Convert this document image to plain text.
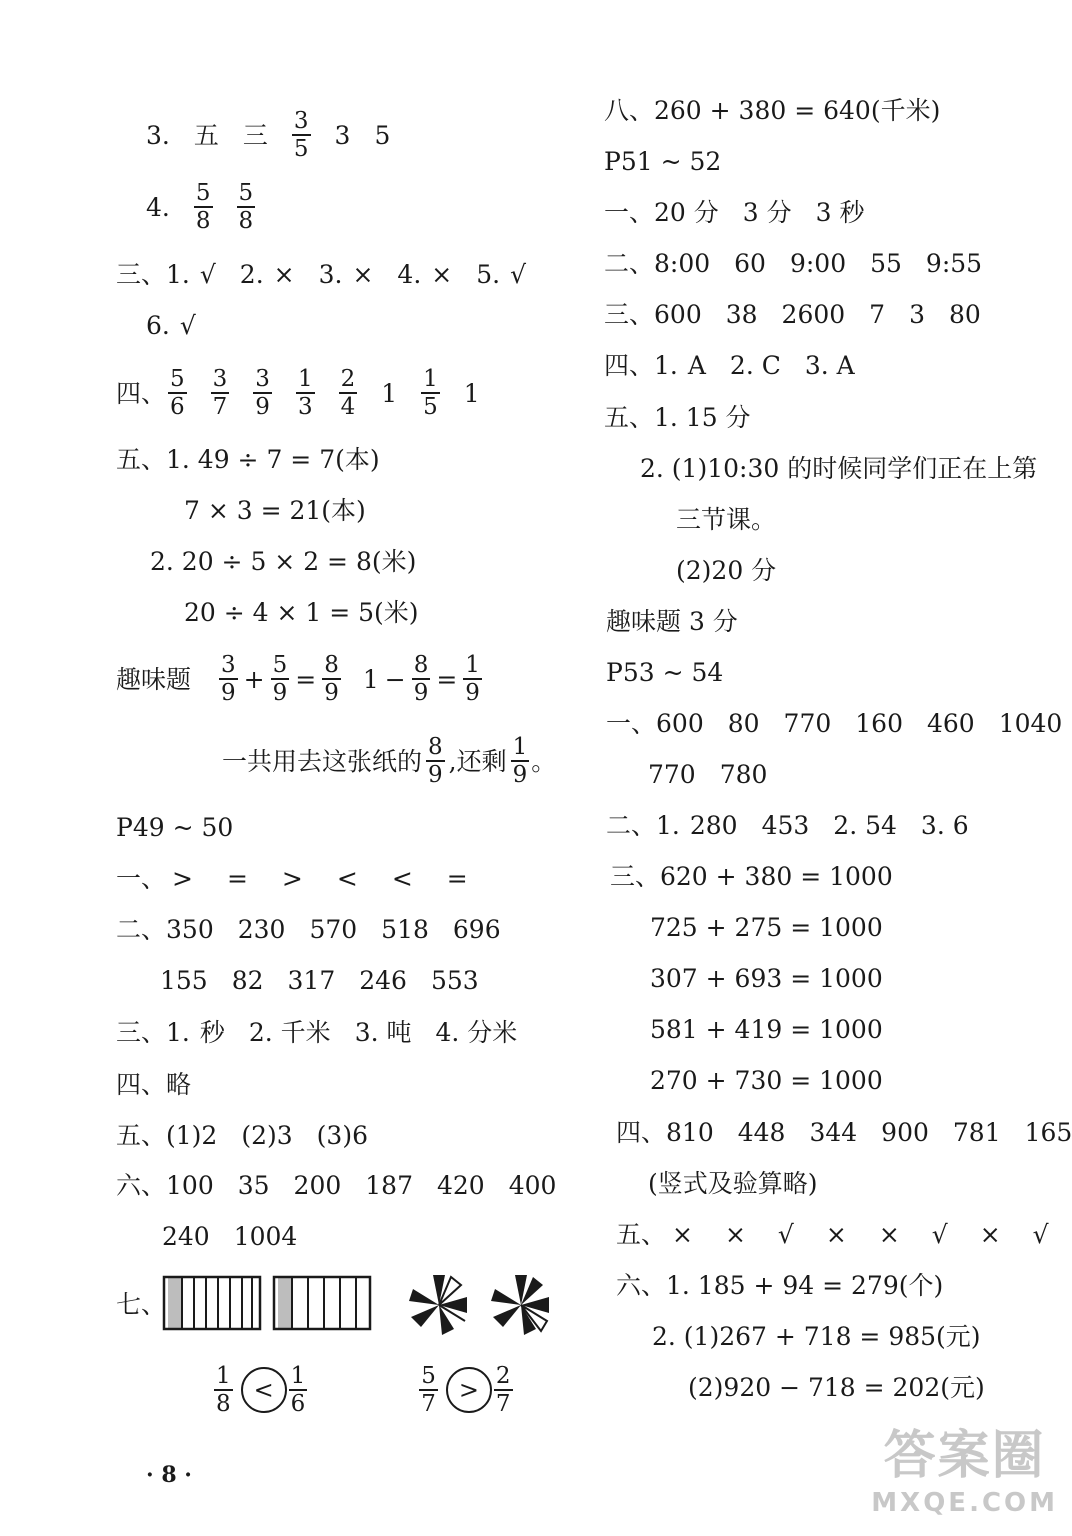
3. 五 三 $\frac{3}{5} 3$ 5
4. $\frac{5}{8} \frac{5}{8}$
三、1. √ 2. × 3. × 4. × 5. √
6. √
四、 $\frac{5}{6} \frac{3}{7} \frac{3}{9} \frac{1}{3} \frac{2}{4} 1 \frac{1}{5} 1$
五、1. 49 ÷ 7 = 7(本)
7 × 3 = 21(本)
2. 20 ÷ 5 × 2 = 8(米)
20 ÷ 4 × 1 = 5(米)
趣味题 $\frac{3}{9} + \frac{5}{9} = \frac{8}{9} 1 - \frac{8}{9} = \frac{1}{9}$
一共用去这张纸的 $\frac{8}{9}$ ,还剩 $\frac{1}{9}$ 。
P49 ~ 50
一、 > = > < < =
二、 350 230 570 518 696
155 82 317 246 553
三、1. 秒 2. 千米 3. 吨 4. 分米
四、略
五、 (1)2 (2)3 (3)6
六、 100 35 200 187 420 400
240 1004
七、
$\frac{1}{8} < \frac{1}{6}$	$\frac{5}{7} > \frac{2}{7}$
八、260 + 380 = 640(千米)
P51 ~ 52
一、 20 分 3 分 3 秒
二、 8:00 60 9:00 55 9:55
三、 600 38 2600 7 3 80
四、1. A 2. C 3. A
五、1. 15 分
2. (1)10:30 的时候同学们正在上第
三节课。
(2)20 分
趣味题 3 分
P53 ~ 54
一、 600 80 770 160 460 1040
770 780
二、1. 280 453 2. 54 3. 6
三、620 + 380 = 1000
725 + 275 = 1000
307 + 693 = 1000
581 + 419 = 1000
270 + 730 = 1000
四、 810 448 344 900 781 165
(竖式及验算略)
五、 × × √ × × √ × √
六、1. 185 + 94 = 279(个)
2. (1)267 + 718 = 985(元)
(2)920 − 718 = 202(元)
· 8 ·	答案圈
MXQE.COM
